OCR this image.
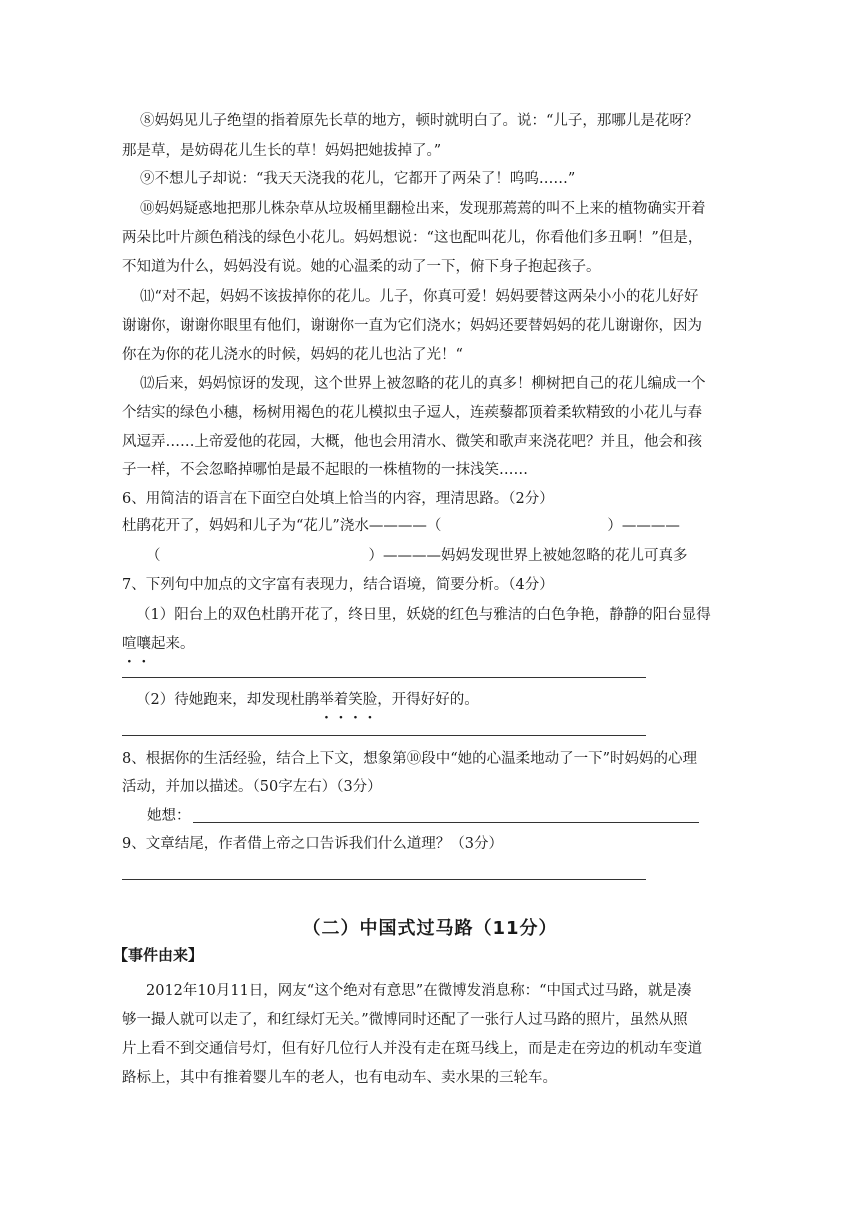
⑧妈妈见儿子绝望的指着原先长草的地方，顿时就明白了。说：“儿子，那哪儿是花呀？
那是草，是妨碍花儿生长的草！妈妈把她拔掉了。”
⑨不想儿子却说：“我天天浇我的花儿，它都开了两朵了！呜呜……”
⑩妈妈疑惑地把那儿株杂草从垃圾桶里翻检出来，发现那蔫蔫的叫不上来的植物确实开着
两朵比叶片颜色稍浅的绿色小花儿。妈妈想说：“这也配叫花儿，你看他们多丑啊！”但是，
不知道为什么，妈妈没有说。她的心温柔的动了一下，俯下身子抱起孩子。
⑾“对不起，妈妈不该拔掉你的花儿。儿子，你真可爱！妈妈要替这两朵小小的花儿好好
谢谢你，谢谢你眼里有他们，谢谢你一直为它们浇水；妈妈还要替妈妈的花儿谢谢你，因为
你在为你的花儿浇水的时候，妈妈的花儿也沾了光！“
⑿后来，妈妈惊讶的发现，这个世界上被忽略的花儿的真多！柳树把自己的花儿编成一个
个结实的绿色小穗，杨树用褐色的花儿模拟虫子逗人，连蒺藜都顶着柔软精致的小花儿与春
风逗弄……上帝爱他的花园，大概，他也会用清水、微笑和歌声来浇花吧？并且，他会和孩
子一样，不会忽略掉哪怕是最不起眼的一株植物的一抹浅笑……
6、用简洁的语言在下面空白处填上恰当的内容，理清思路。（2分）
杜鹃花开了，妈妈和儿子为“花儿”浇水————（	）————
（	）————妈妈发现世界上被她忽略的花儿可真多
7、下列句中加点的文字富有表现力，结合语境，简要分析。（4分）
（1）阳台上的双色杜鹃开花了，终日里，妖娆的红色与雅洁的白色争艳，静静的阳台显得
喧嚷起来。
（2）待她跑来，却发现杜鹃举着笑脸，开得好好的。
8、根据你的生活经验，结合上下文，想象第⑩段中“她的心温柔地动了一下”时妈妈的心理
活动，并加以描述。（50字左右）（3分）
她想：
9、文章结尾，作者借上帝之口告诉我们什么道理？（3分）
（二）中国式过马路（11分）
【事件由来】
2012年10月11日，网友“这个绝对有意思”在微博发消息称：“中国式过马路，就是凑
够一撮人就可以走了，和红绿灯无关。”微博同时还配了一张行人过马路的照片，虽然从照
片上看不到交通信号灯，但有好几位行人并没有走在斑马线上，而是走在旁边的机动车变道
路标上，其中有推着婴儿车的老人，也有电动车、卖水果的三轮车。
